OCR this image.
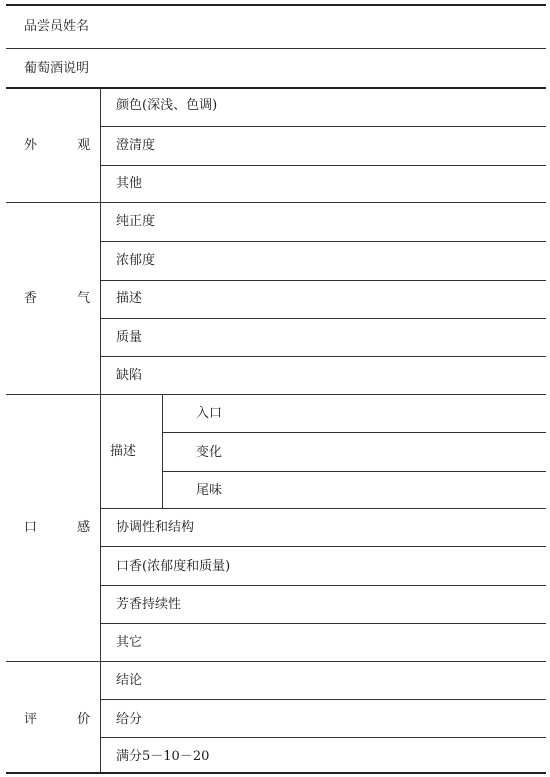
品尝员姓名
葡萄酒说明
外 观
颜色(深浅、色调)
澄清度
其他
香 气
纯正度
浓郁度
描述
质量
缺陷
口 感
描述
入口
变化
尾味
协调性和结构
口香(浓郁度和质量)
芳香持续性
其它
评 价
结论
给分
满分5－10－20
